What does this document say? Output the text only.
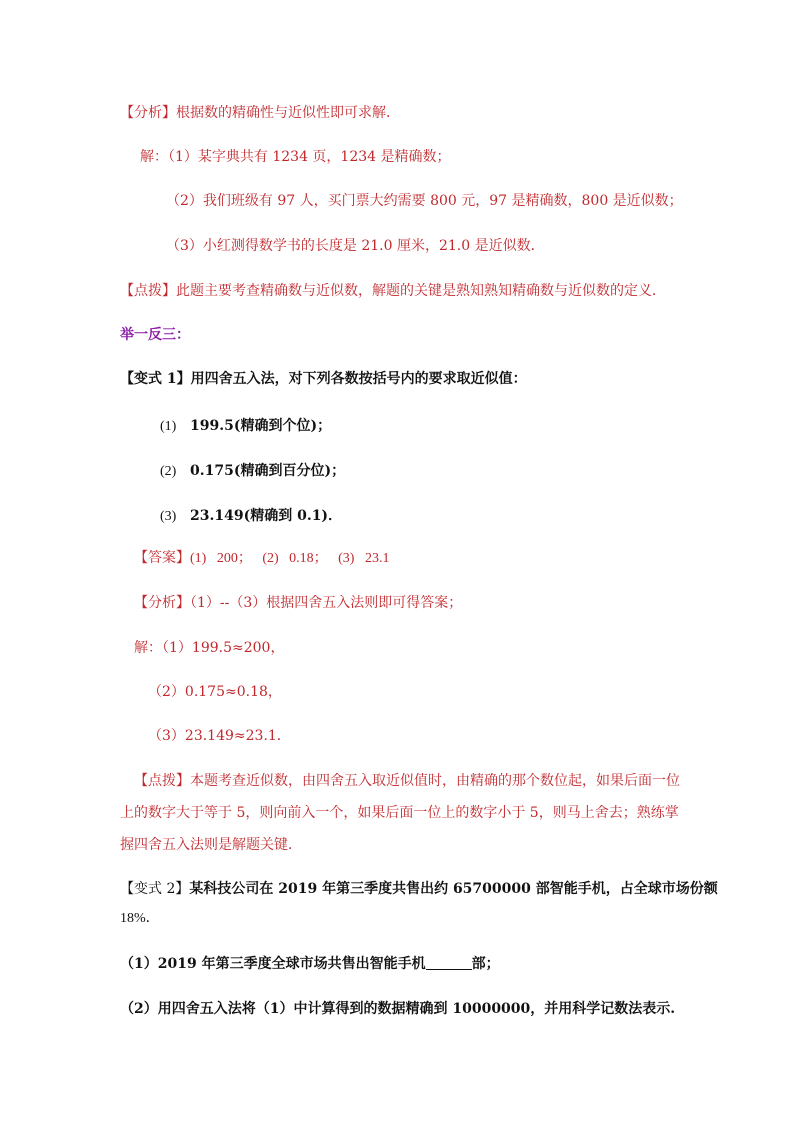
【分析】根据数的精确性与近似性即可求解．
解：（1）某字典共有 1234 页，1234 是精确数；
（2）我们班级有 97 人，买门票大约需要 800 元，97 是精确数，800 是近似数；
（3）小红测得数学书的长度是 21.0 厘米，21.0 是近似数．
【点拨】此题主要考查精确数与近似数，解题的关键是熟知熟知精确数与近似数的定义．
举一反三：
【变式 1】用四舍五入法，对下列各数按括号内的要求取近似值：
(1) 199.5(精确到个位)；
(2) 0.175(精确到百分位)；
(3) 23.149(精确到 0.1)．
【答案】(1)   200；   (2)   0.18；   (3)   23.1
【分析】（1）--（3）根据四舍五入法则即可得答案；
解：（1）199.5≈200，
（2）0.175≈0.18，
（3）23.149≈23.1．
【点拨】本题考查近似数，由四舍五入取近似值时，由精确的那个数位起，如果后面一位
上的数字大于等于 5，则向前入一个，如果后面一位上的数字小于 5，则马上舍去；熟练掌
握四舍五入法则是解题关键．
【变式 2】某科技公司在 2019 年第三季度共售出约 65700000 部智能手机，占全球市场份额
18%．
（1）2019 年第三季度全球市场共售出智能手机	部；
（2）用四舍五入法将（1）中计算得到的数据精确到 10000000，并用科学记数法表示.
